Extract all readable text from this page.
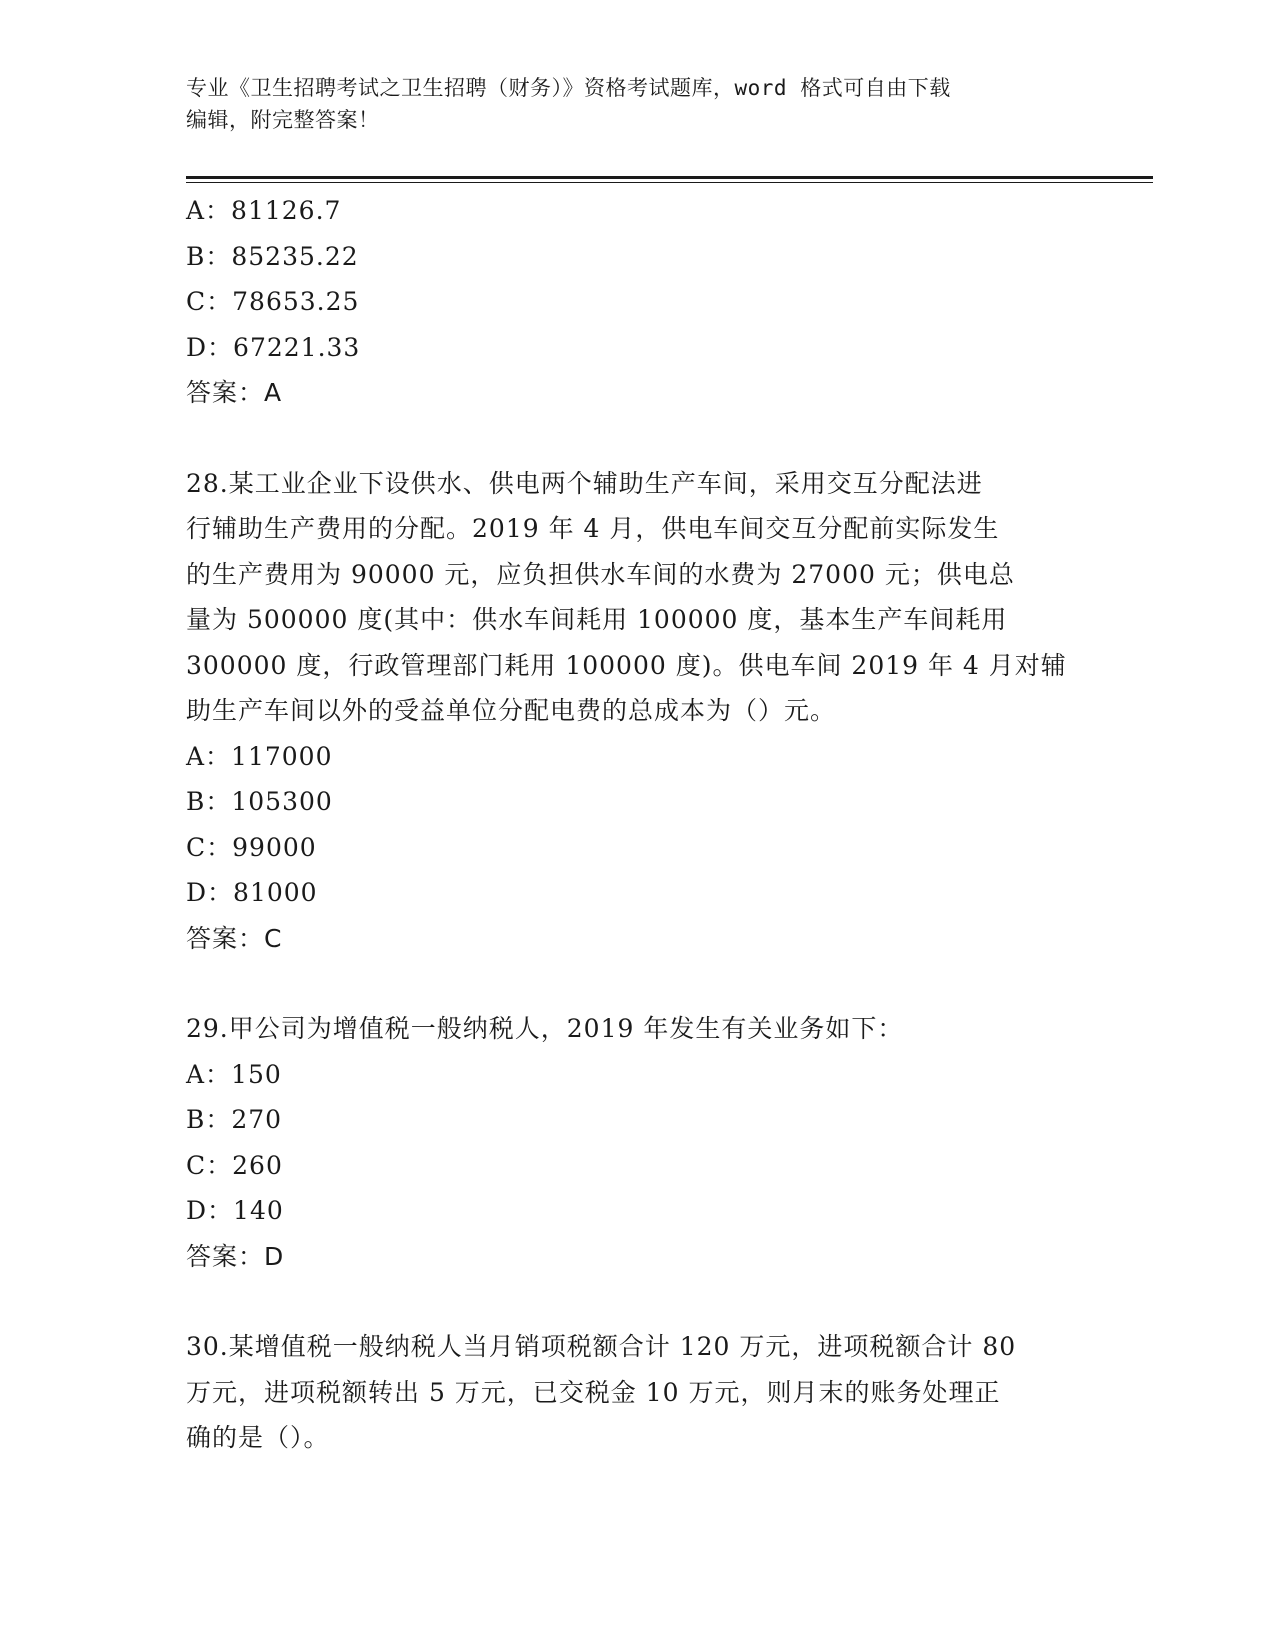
专业《卫生招聘考试之卫生招聘（财务）》资格考试题库，word 格式可自由下载
编辑，附完整答案！

A：81126.7

B：85235.22

C：78653.25

D：67221.33

答案：A

28.某工业企业下设供水、供电两个辅助生产车间，采用交互分配法进

行辅助生产费用的分配。2019 年 4 月，供电车间交互分配前实际发生

的生产费用为 90000 元，应负担供水车间的水费为 27000 元；供电总

量为 500000 度(其中：供水车间耗用 100000 度，基本生产车间耗用

300000 度，行政管理部门耗用 100000 度)。供电车间 2019 年 4 月对辅

助生产车间以外的受益单位分配电费的总成本为（）元。

A：117000

B：105300

C：99000

D：81000

答案：C

29.甲公司为增值税一般纳税人，2019 年发生有关业务如下：

A：150

B：270

C：260

D：140

答案：D

30.某增值税一般纳税人当月销项税额合计 120 万元，进项税额合计 80

万元，进项税额转出 5 万元，已交税金 10 万元，则月末的账务处理正

确的是（）。
